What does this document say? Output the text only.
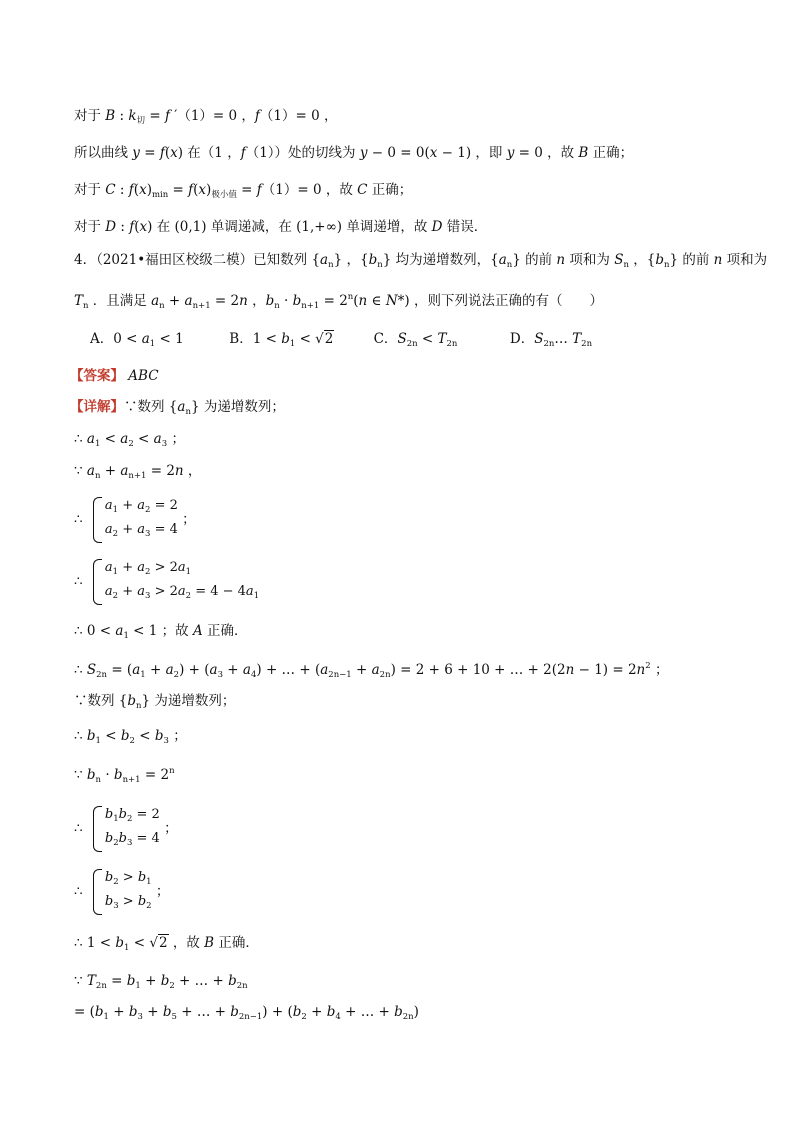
对于 B : $k_切 = f$ ′（1）= 0 ，f（1）= 0 ，
所以曲线 y = f(x) 在（1 ，f（1））处的切线为 y − 0 = 0(x − 1) ，即 y = 0 ，故 B 正确；
对于 C : $f(x)_{min} = f(x)_{极小值} = f(1)= 0$ ，故 C 正确；
对于 D : f(x) 在 (0,1) 单调递减，在 (1,+∞) 单调递增，故 D 错误．
4．（2021•福田区校级二模）已知数列 $\{a_n\}$ ，$\{b_n\}$ 均为递增数列，$\{a_n\}$ 的前 n 项和为 $S_n$ ，$\{b_n\}$ 的前 n 项和为
$T_n$ ．且满足 $a_n + a_{n+1} = 2n$ ，$b_n \cdot b_{n+1} = 2^n(n$ ∈ N*) ，则下列说法正确的有（　　）
A．$0 < a_1 < 1$	B．$1 < b_1 < √2$	C．$S_{2n} < T_{2n}$	D．$S_{2n}\dots$ $T_{2n}$
【答案】 ABC
【详解】∵数列 $\{a_n\}$ 为递增数列；
∴ $a_1 < a_2 < a_3$ ；
∵ $a_n + a_{n+1} = 2n$ ，
∴
$a_1 + a_2 = 2$
$a_2 + a_3 = 4$
；
∴
$a_1 + a_2 > 2a_1$
$a_2 + a_3 > 2a_2 = 4 - 4a_1$
∴ $0 < a_1 < 1$ ；故 A 正确．
∴ $S_{2n} = (a_1 + a_2) + (a_3 + a_4)$ + … + $(a_{2n-1} + a_{2n}) = 2 + 6 + 10$ + … + $2(2n - 1) = 2n^2$ ；
∵数列 $\{b_n\}$ 为递增数列；
∴ $b_1 < b_2 < b_3$ ；
∵ $b_n \cdot b_{n+1} = 2^n$
∴
$b_1b_2 = 2$
$b_2b_3 = 4$
；
∴
$b_2 > b_1$
$b_3 > b_2$
；
∴ $1 < b_1 < √2$ ，故 B 正确．
∵ $T_{2n} = b_1 + b_2$ + … + $b_{2n}$
= ($b_1 + b_3 + b_5$ + … + $b_{2n-1}) + (b_2 + b_4$ + … + $b_{2n}$)
